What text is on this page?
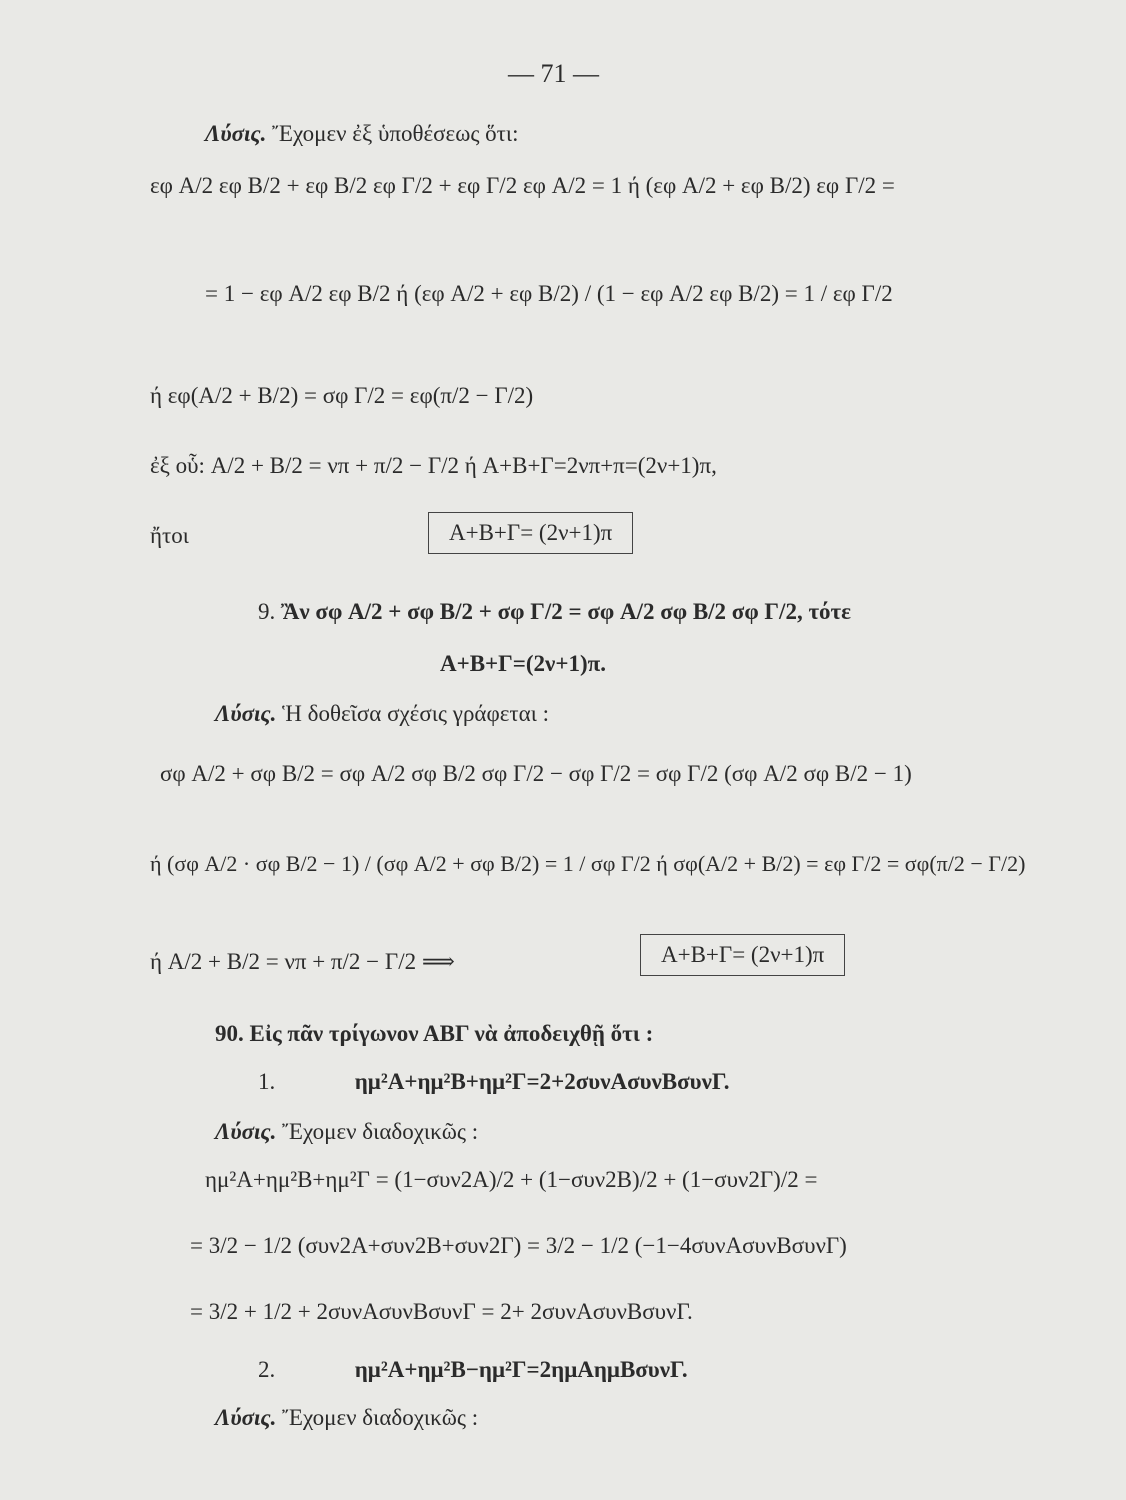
— 71 —
Λύσις. Ἔχομεν ἐξ ὑποθέσεως ὅτι:
εφ A/2 εφ B/2 + εφ B/2 εφ Γ/2 + εφ Γ/2 εφ A/2 = 1 ή (εφ A/2 + εφ B/2) εφ Γ/2 =
= 1 − εφ A/2 εφ B/2 ή (εφ A/2 + εφ B/2) / (1 − εφ A/2 εφ B/2) = 1 / εφ Γ/2
ή εφ(A/2 + B/2) = σφ Γ/2 = εφ(π/2 − Γ/2)
ἐξ οὗ: A/2 + B/2 = νπ + π/2 − Γ/2 ή A+B+Γ=2νπ+π=(2ν+1)π,
ἤτοι	A+B+Γ= (2ν+1)π
9. Ἂν σφ A/2 + σφ B/2 + σφ Γ/2 = σφ A/2 σφ B/2 σφ Γ/2, τότε
A+B+Γ=(2ν+1)π.
Λύσις. Ἡ δοθεῖσα σχέσις γράφεται :
σφ A/2 + σφ B/2 = σφ A/2 σφ B/2 σφ Γ/2 − σφ Γ/2 = σφ Γ/2 (σφ A/2 σφ B/2 − 1)
ή (σφ A/2 · σφ B/2 − 1) / (σφ A/2 + σφ B/2) = 1 / σφ Γ/2 ή σφ(A/2 + B/2) = εφ Γ/2 = σφ(π/2 − Γ/2)
ή A/2 + B/2 = νπ + π/2 − Γ/2 ⟹	A+B+Γ= (2ν+1)π
90. Εἰς πᾶν τρίγωνον ΑΒΓ νὰ ἀποδειχθῇ ὅτι :
1.	ημ²A+ημ²B+ημ²Γ=2+2συνAσυνBσυνΓ.
Λύσις. Ἔχομεν διαδοχικῶς :
ημ²A+ημ²B+ημ²Γ = (1−συν2A)/2 + (1−συν2B)/2 + (1−συν2Γ)/2 =
= 3/2 − 1/2 (συν2A+συν2B+συν2Γ) = 3/2 − 1/2 (−1−4συνAσυνBσυνΓ)
= 3/2 + 1/2 + 2συνAσυνBσυνΓ = 2+ 2συνAσυνBσυνΓ.
2.	ημ²A+ημ²B−ημ²Γ=2ημAημBσυνΓ.
Λύσις. Ἔχομεν διαδοχικῶς :
